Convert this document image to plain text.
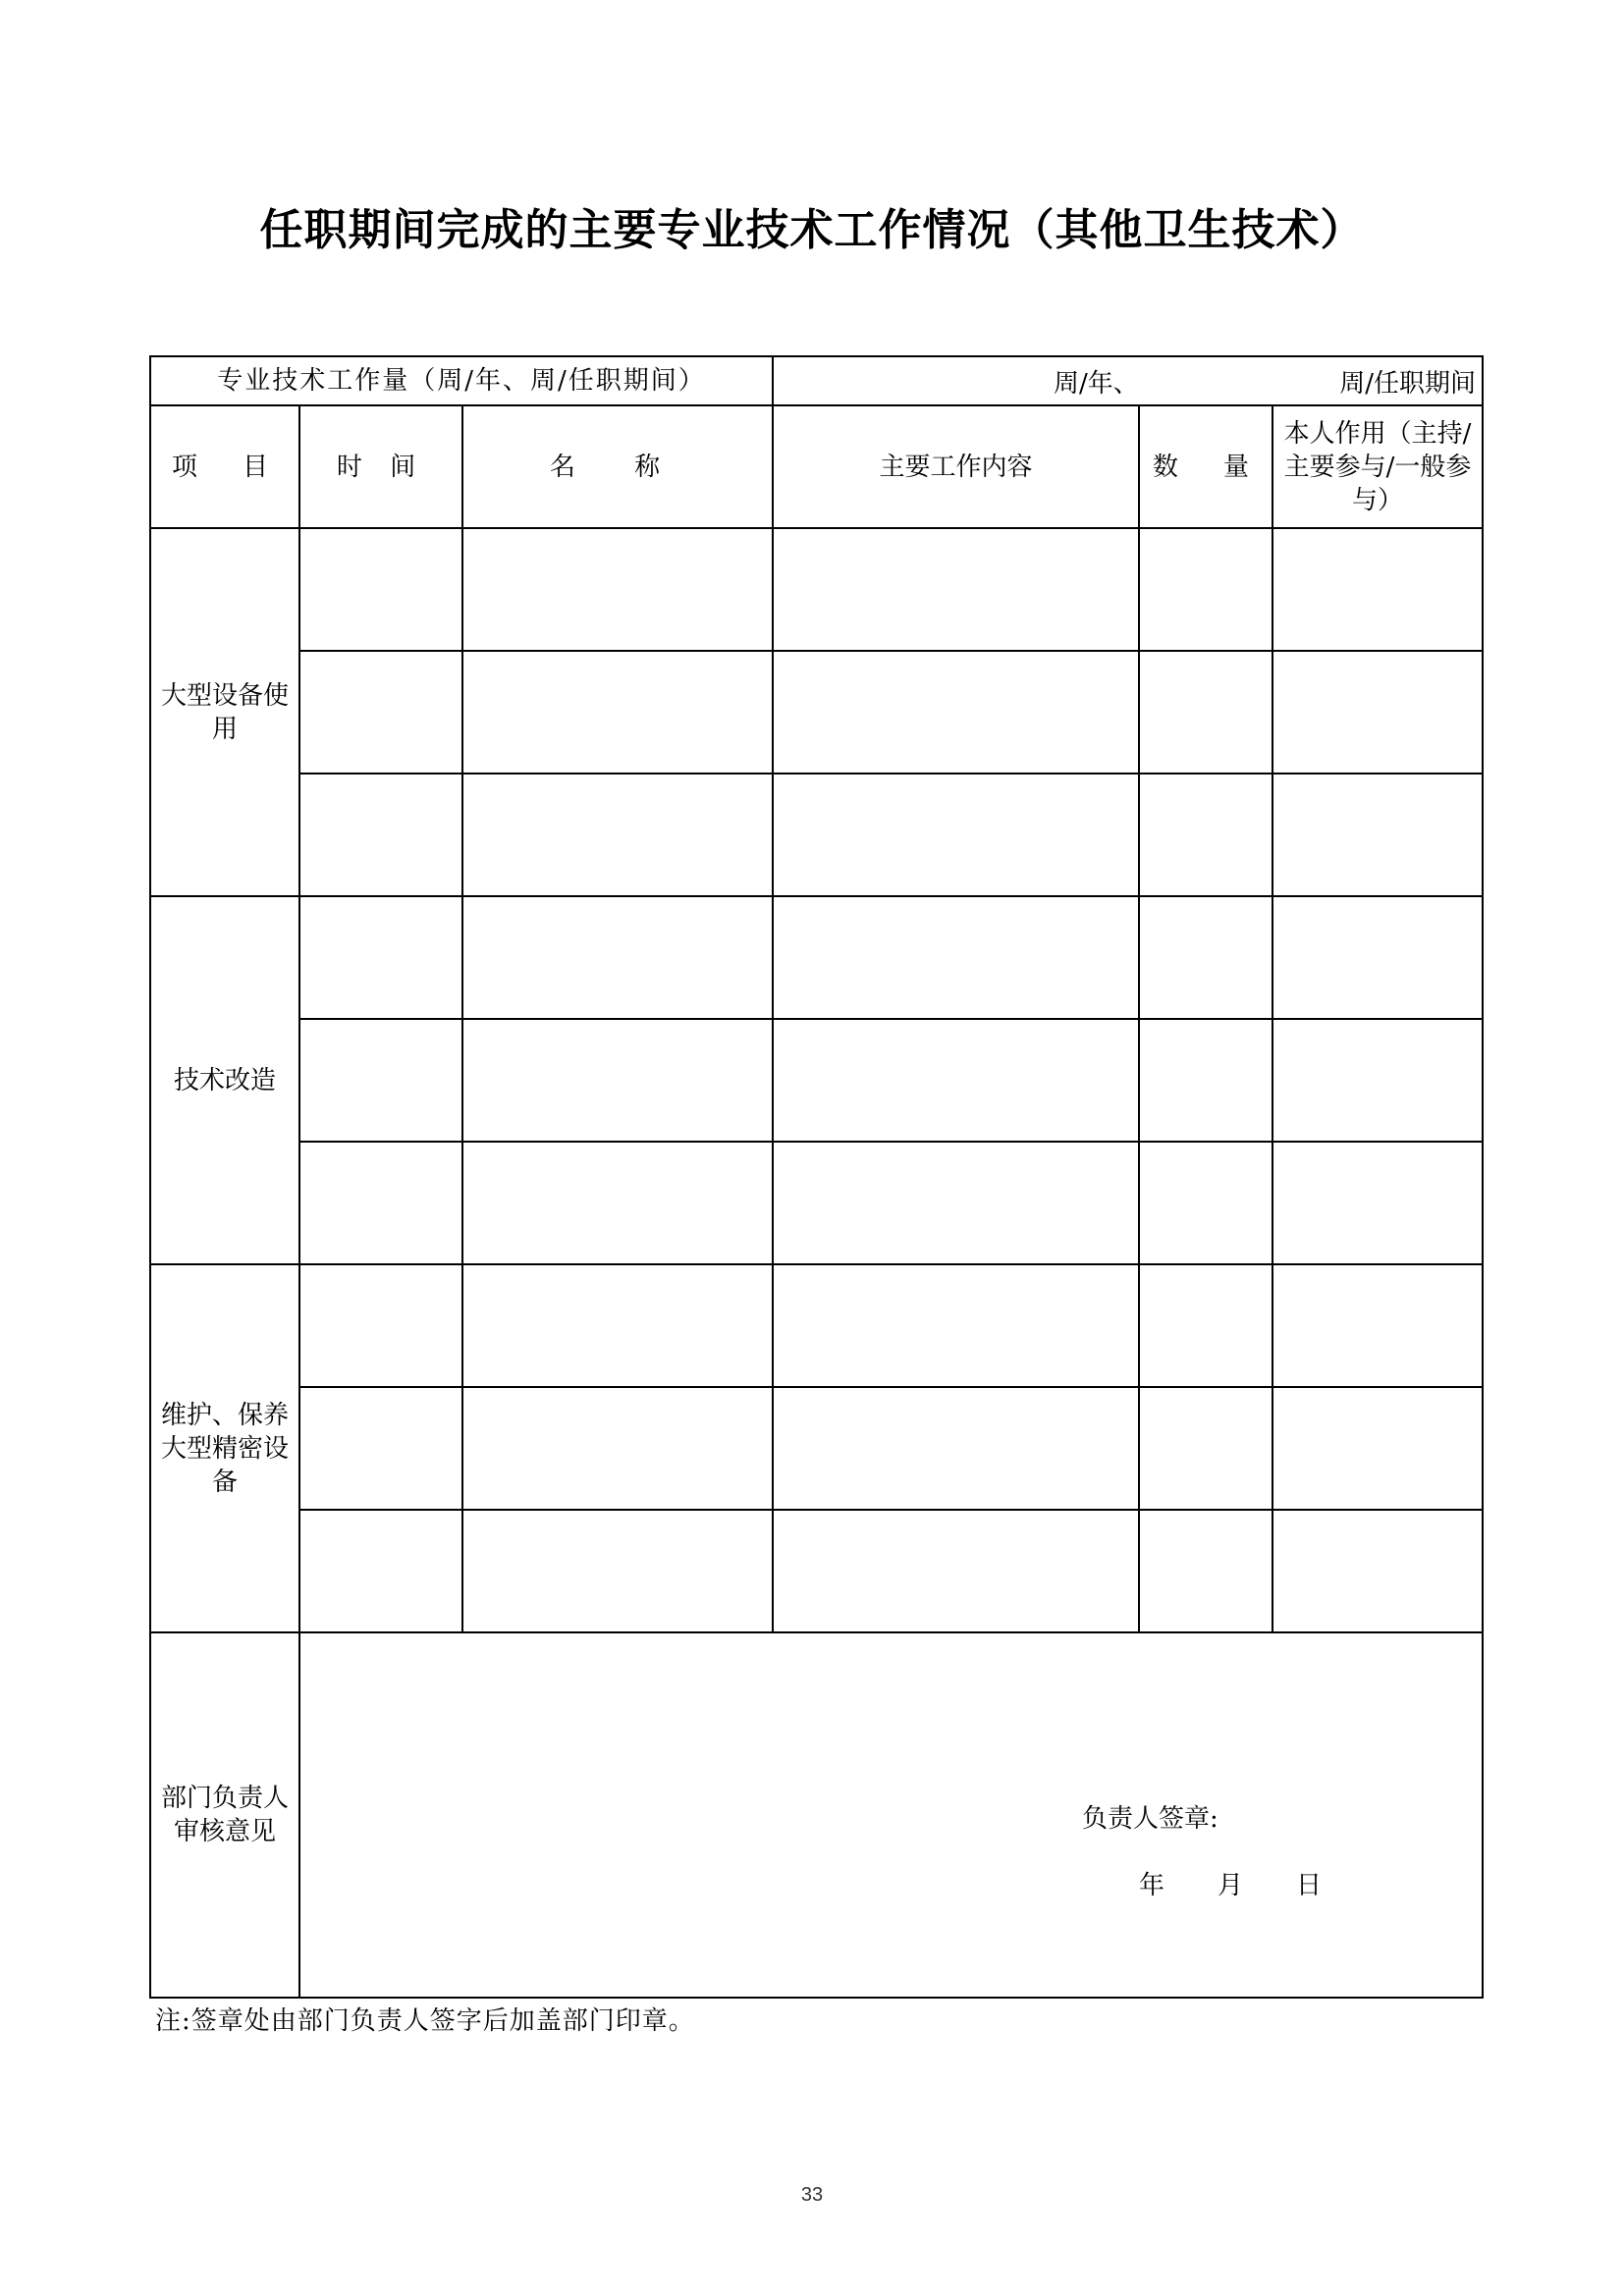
任职期间完成的主要专业技术工作情况（其他卫生技术）
专业技术工作量（周/年、周/任职期间）			周/年、 周/任职期间		

项　目	时 间	名 称	主要工作内容	数　量	本人作用（主持/主要参与/一般参与）
大型设备使用					

技术改造					

维护、保养大型精密设备					

部门负责人审核意见	负责人签章:
年 月 日				
注:签章处由部门负责人签字后加盖部门印章。
33
